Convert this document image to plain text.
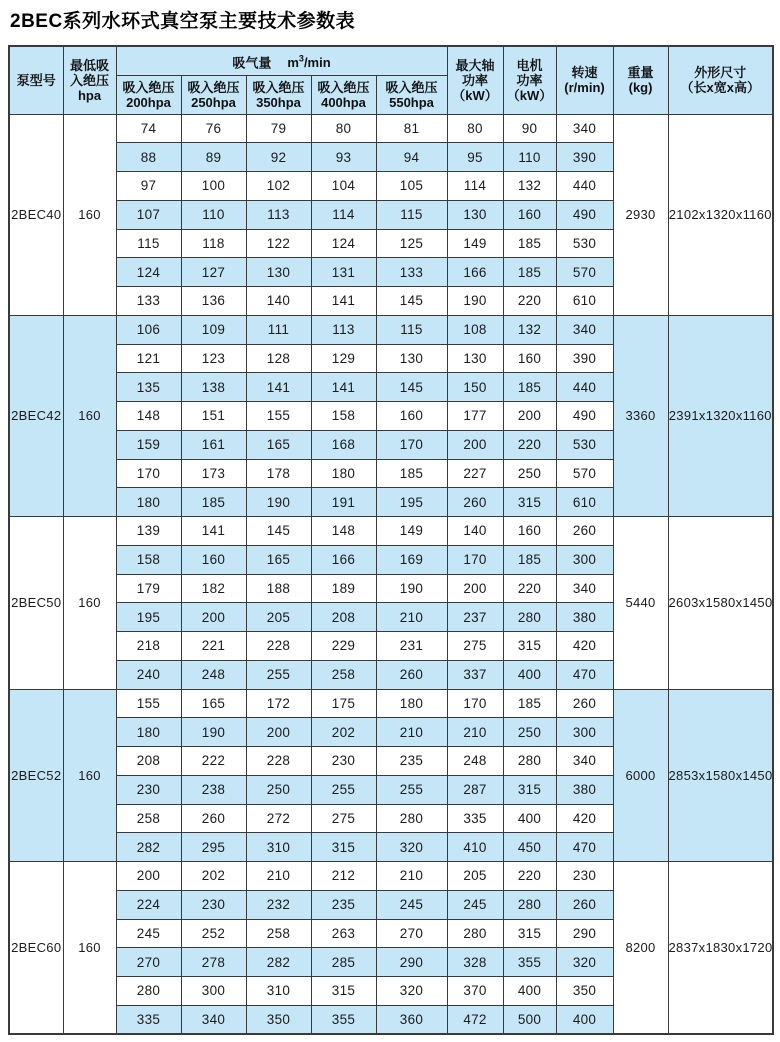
2BEC系列水环式真空泵主要技术参数表
泵型号	最低吸
入绝压
hpa	吸气量 $m^3/\min$					最大轴
功率
（kW）	电机
功率
（kW）	转速
(r/min)	重量
(kg)	外形尺寸
（长x宽x高）

		吸入绝压
200hpa	吸入绝压
250hpa	吸入绝压
350hpa	吸入绝压
400hpa	吸入绝压
550hpa					

2BEC40	160	74	76	79	80	81	80	90	340	2930	2102x1320x1160
		88	89	92	93	94	95	110	390		
		97	100	102	104	105	114	132	440		
		107	110	113	114	115	130	160	490		
		115	118	122	124	125	149	185	530		
		124	127	130	131	133	166	185	570		
		133	136	140	141	145	190	220	610		
2BEC42	160	106	109	111	113	115	108	132	340	3360	2391x1320x1160
		121	123	128	129	130	130	160	390		
		135	138	141	141	145	150	185	440		
		148	151	155	158	160	177	200	490		
		159	161	165	168	170	200	220	530		
		170	173	178	180	185	227	250	570		
		180	185	190	191	195	260	315	610		
2BEC50	160	139	141	145	148	149	140	160	260	5440	2603x1580x1450
		158	160	165	166	169	170	185	300		
		179	182	188	189	190	200	220	340		
		195	200	205	208	210	237	280	380		
		218	221	228	229	231	275	315	420		
		240	248	255	258	260	337	400	470		
2BEC52	160	155	165	172	175	180	170	185	260	6000	2853x1580x1450
		180	190	200	202	210	210	250	300		
		208	222	228	230	235	248	280	340		
		230	238	250	255	255	287	315	380		
		258	260	272	275	280	335	400	420		
		282	295	310	315	320	410	450	470		
2BEC60	160	200	202	210	212	210	205	220	230	8200	2837x1830x1720
		224	230	232	235	245	245	280	260		
		245	252	258	263	270	280	315	290		
		270	278	282	285	290	328	355	320		
		280	300	310	315	320	370	400	350		
		335	340	350	355	360	472	500	400		
